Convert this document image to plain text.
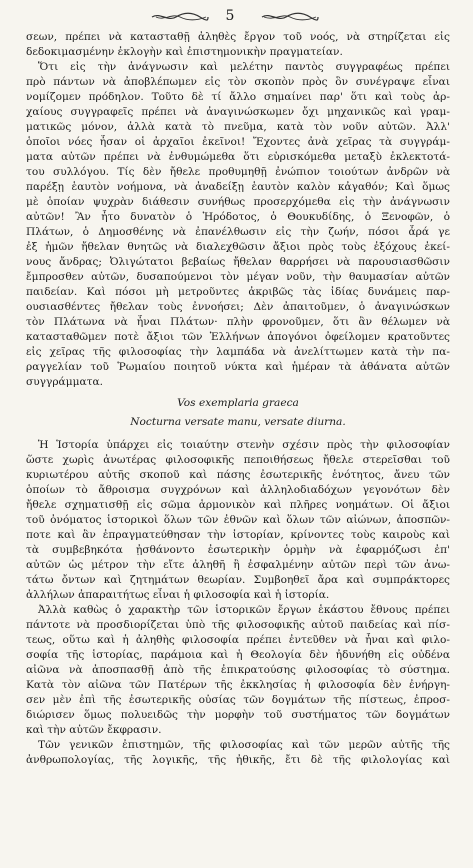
5
σεων, πρέπει νὰ κατασταθῇ ἀληθὲς ἔργον τοῦ νοός, νὰ στηρίζεται εἰς
δεδοκιμασμένην ἐκλογὴν καὶ ἐπιστημονικὴν πραγματείαν.
Ὅτι εἰς τὴν ἀνάγνωσιν καὶ μελέτην παντὸς συγγραφέως πρέπει
πρὸ πάντων νὰ ἀποβλέπωμεν εἰς τὸν σκοπὸν πρὸς ὃν συνέγραψε εἶναι
νομίζομεν πρόδηλον. Τοῦτο δὲ τί ἄλλο σημαίνει παρ' ὅτι καὶ τοὺς ἀρ-
χαίους συγγραφεῖς πρέπει νὰ ἀναγινώσκωμεν ὄχι μηχανικῶς καὶ γραμ-
ματικῶς μόνον, ἀλλὰ κατὰ τὸ πνεῦμα, κατὰ τὸν νοῦν αὐτῶν. Ἀλλ'
ὁποῖοι νόες ἦσαν οἱ ἀρχαῖοι ἐκεῖνοι! Ἔχοντες ἀνὰ χεῖρας τὰ συγγράμ-
ματα αὐτῶν πρέπει νὰ ἐνθυμώμεθα ὅτι εὑρισκόμεθα μεταξὺ ἐκλεκτοτά-
του συλλόγου. Τίς δὲν ἤθελε προθυμηθῇ ἐνώπιον τοιούτων ἀνδρῶν νὰ
παρέξῃ ἑαυτὸν νοήμονα, νὰ ἀναδείξῃ ἑαυτὸν καλὸν κἀγαθόν; Καὶ ὅμως
μὲ ὁποίαν ψυχρὰν διάθεσιν συνήθως προσερχόμεθα εἰς τὴν ἀνάγνωσιν
αὐτῶν! Ἂν ἦτο δυνατὸν ὁ Ἡρόδοτος, ὁ Θουκυδίδης, ὁ Ξενοφῶν, ὁ
Πλάτων, ὁ Δημοσθένης νὰ ἐπανέλθωσιν εἰς τὴν ζωήν, πόσοι ἆρά γε
ἐξ ἡμῶν ἤθελαν θνητῶς νὰ διαλεχθῶσιν ἄξιοι πρὸς τοὺς ἐξόχους ἐκεί-
νους ἄνδρας; Ὀλιγώτατοι βεβαίως ἤθελαν θαρρήσει νὰ παρουσιασθῶσιν
ἔμπροσθεν αὐτῶν, δυσαπούμενοι τὸν μέγαν νοῦν, τὴν θαυμασίαν αὐτῶν
παιδείαν. Καὶ πόσοι μὴ μετροῦντες ἀκριβῶς τὰς ἰδίας δυνάμεις παρ-
ουσιασθέντες ἤθελαν τοὺς ἐννοήσει; Δὲν ἀπαιτοῦμεν, ὁ ἀναγινώσκων
τὸν Πλάτωνα νὰ ἦναι Πλάτων· πλὴν φρονοῦμεν, ὅτι ἂν θέλωμεν νὰ
κατασταθῶμεν ποτὲ ἄξιοι τῶν Ἑλλήνων ἀπογόνοι ὀφείλομεν κρατοῦντες
εἰς χεῖρας τῆς φιλοσοφίας τὴν λαμπάδα νὰ ἀνελίττωμεν κατὰ τὴν πα-
ραγγελίαν τοῦ Ῥωμαίου ποιητοῦ νύκτα καὶ ἡμέραν τὰ ἀθάνατα αὐτῶν
συγγράμματα.
Vos exemplaria graeca
Nocturna versate manu, versate diurna.
Ἡ Ἱστορία ὑπάρχει εἰς τοιαύτην στενὴν σχέσιν πρὸς τὴν φιλοσοφίαν
ὥστε χωρὶς ἀνωτέρας φιλοσοφικῆς πεποιθήσεως ἤθελε στερεῖσθαι τοῦ
κυριωτέρου αὐτῆς σκοποῦ καὶ πάσης ἐσωτερικῆς ἑνότητος, ἄνευ τῶν
ὁποίων τὸ ἄθροισμα συγχρόνων καὶ ἀλληλοδιαδόχων γεγονότων δὲν
ἤθελε σχηματισθῇ εἰς σῶμα ἁρμονικὸν καὶ πλῆρες νοημάτων. Οἱ ἄξιοι
τοῦ ὀνόματος ἱστορικοὶ ὅλων τῶν ἐθνῶν καὶ ὅλων τῶν αἰώνων, ἀποσπῶν-
ποτε καὶ ἂν ἐπραγματεύθησαν τὴν ἱστορίαν, κρίνοντες τοὺς καιροὺς καὶ
τὰ συμβεβηκότα ᾐσθάνοντο ἐσωτερικὴν ὁρμὴν νὰ ἐφαρμόζωσι ἐπ'
αὐτῶν ὡς μέτρον τὴν εἴτε ἀληθῆ ἢ ἐσφαλμένην αὐτῶν περὶ τῶν ἀνω-
τάτω ὄντων καὶ ζητημάτων θεωρίαν. Συμβοηθεῖ ἄρα καὶ συμπράκτορες
ἀλλήλων ἀπαραιτήτως εἶναι ἡ φιλοσοφία καὶ ἡ ἱστορία.
Ἀλλὰ καθὼς ὁ χαρακτὴρ τῶν ἱστορικῶν ἔργων ἑκάστου ἔθνους πρέπει
πάντοτε νὰ προσδιορίζεται ὑπὸ τῆς φιλοσοφικῆς αὐτοῦ παιδείας καὶ πίσ-
τεως, οὕτω καὶ ἡ ἀληθὴς φιλοσοφία πρέπει ἐντεῦθεν νὰ ἦναι καὶ φιλο-
σοφία τῆς ἱστορίας, παράμοια καὶ ἡ Θεολογία δὲν ἠδυνήθη εἰς οὐδένα
αἰῶνα νὰ ἀποσπασθῇ ἀπὸ τῆς ἐπικρατούσης φιλοσοφίας τὸ σύστημα.
Κατὰ τὸν αἰῶνα τῶν Πατέρων τῆς ἐκκλησίας ἡ φιλοσοφία δὲν ἐνήργη-
σεν μὲν ἐπὶ τῆς ἐσωτερικῆς οὐσίας τῶν δογμάτων τῆς πίστεως, ἐπροσ-
διώρισεν ὅμως πολυειδῶς τὴν μορφὴν τοῦ συστήματος τῶν δογμάτων
καὶ τὴν αὐτῶν ἔκφρασιν.
Τῶν γενικῶν ἐπιστημῶν, τῆς φιλοσοφίας καὶ τῶν μερῶν αὐτῆς τῆς
ἀνθρωπολογίας, τῆς λογικῆς, τῆς ἠθικῆς, ἔτι δὲ τῆς φιλολογίας καὶ
